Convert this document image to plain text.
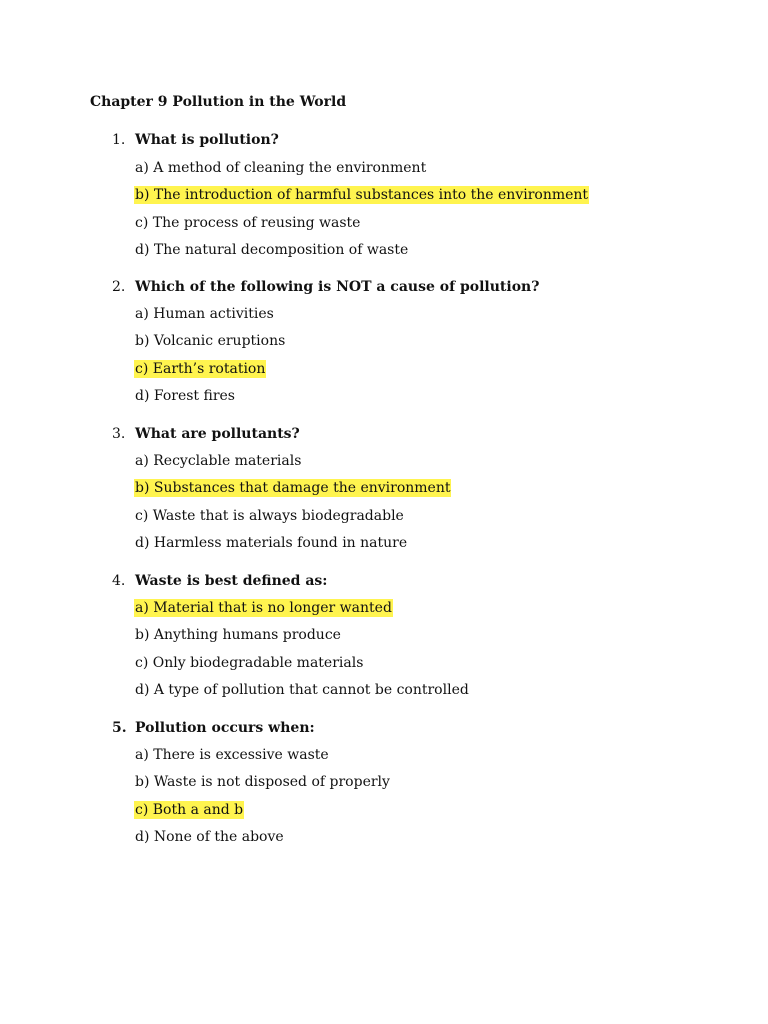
Chapter 9 Pollution in the World
1. What is pollution?
a) A method of cleaning the environment
b) The introduction of harmful substances into the environment
c) The process of reusing waste
d) The natural decomposition of waste
2. Which of the following is NOT a cause of pollution?
a) Human activities
b) Volcanic eruptions
c) Earth’s rotation
d) Forest fires
3. What are pollutants?
a) Recyclable materials
b) Substances that damage the environment
c) Waste that is always biodegradable
d) Harmless materials found in nature
4. Waste is best defined as:
a) Material that is no longer wanted
b) Anything humans produce
c) Only biodegradable materials
d) A type of pollution that cannot be controlled
5. Pollution occurs when:
a) There is excessive waste
b) Waste is not disposed of properly
c) Both a and b
d) None of the above
